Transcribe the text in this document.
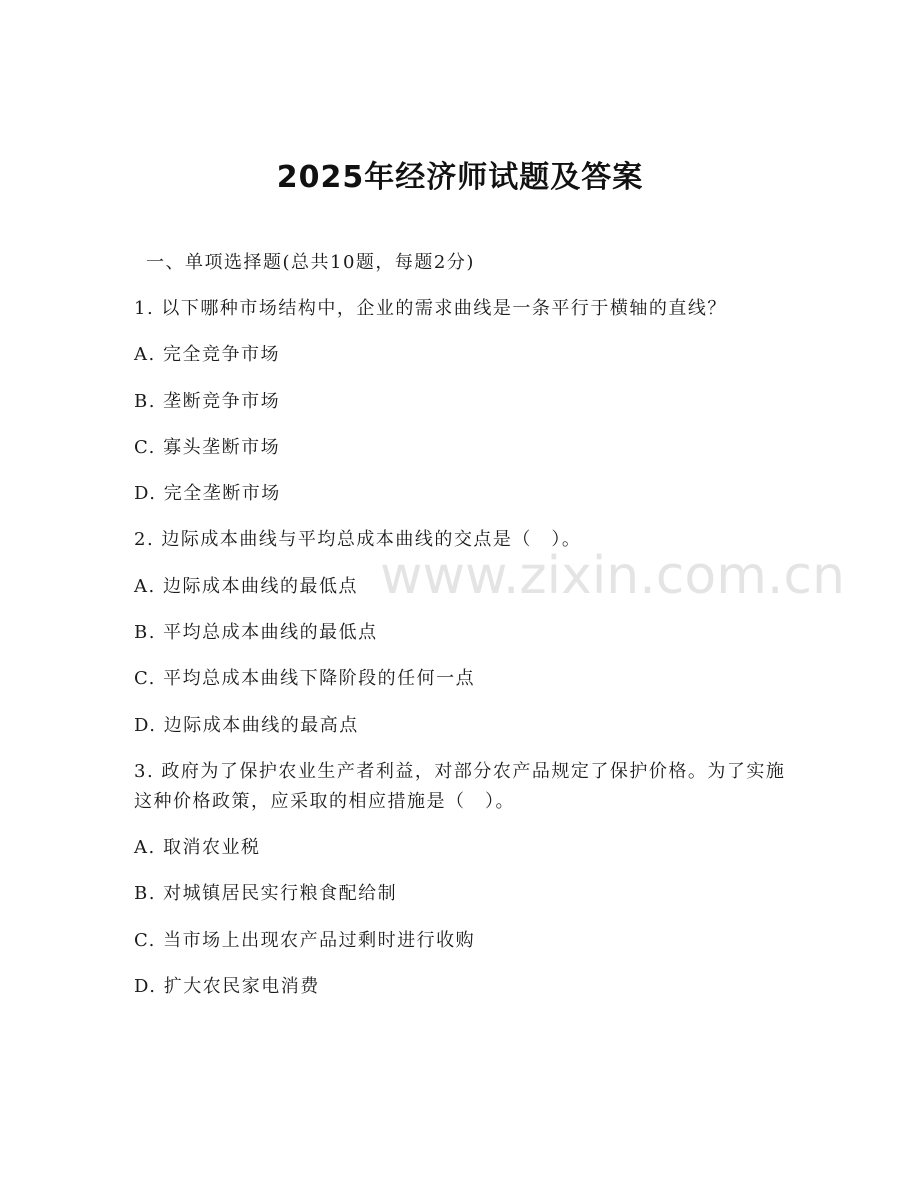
2025年经济师试题及答案
一、单项选择题(总共10题，每题2分)
1. 以下哪种市场结构中，企业的需求曲线是一条平行于横轴的直线？
A. 完全竞争市场
B. 垄断竞争市场
C. 寡头垄断市场
D. 完全垄断市场
2. 边际成本曲线与平均总成本曲线的交点是（　）。
A. 边际成本曲线的最低点
B. 平均总成本曲线的最低点
C. 平均总成本曲线下降阶段的任何一点
D. 边际成本曲线的最高点
3. 政府为了保护农业生产者利益，对部分农产品规定了保护价格。为了实施这种价格政策，应采取的相应措施是（　）。
A. 取消农业税
B. 对城镇居民实行粮食配给制
C. 当市场上出现农产品过剩时进行收购
D. 扩大农民家电消费
www.zixin.com.cn
